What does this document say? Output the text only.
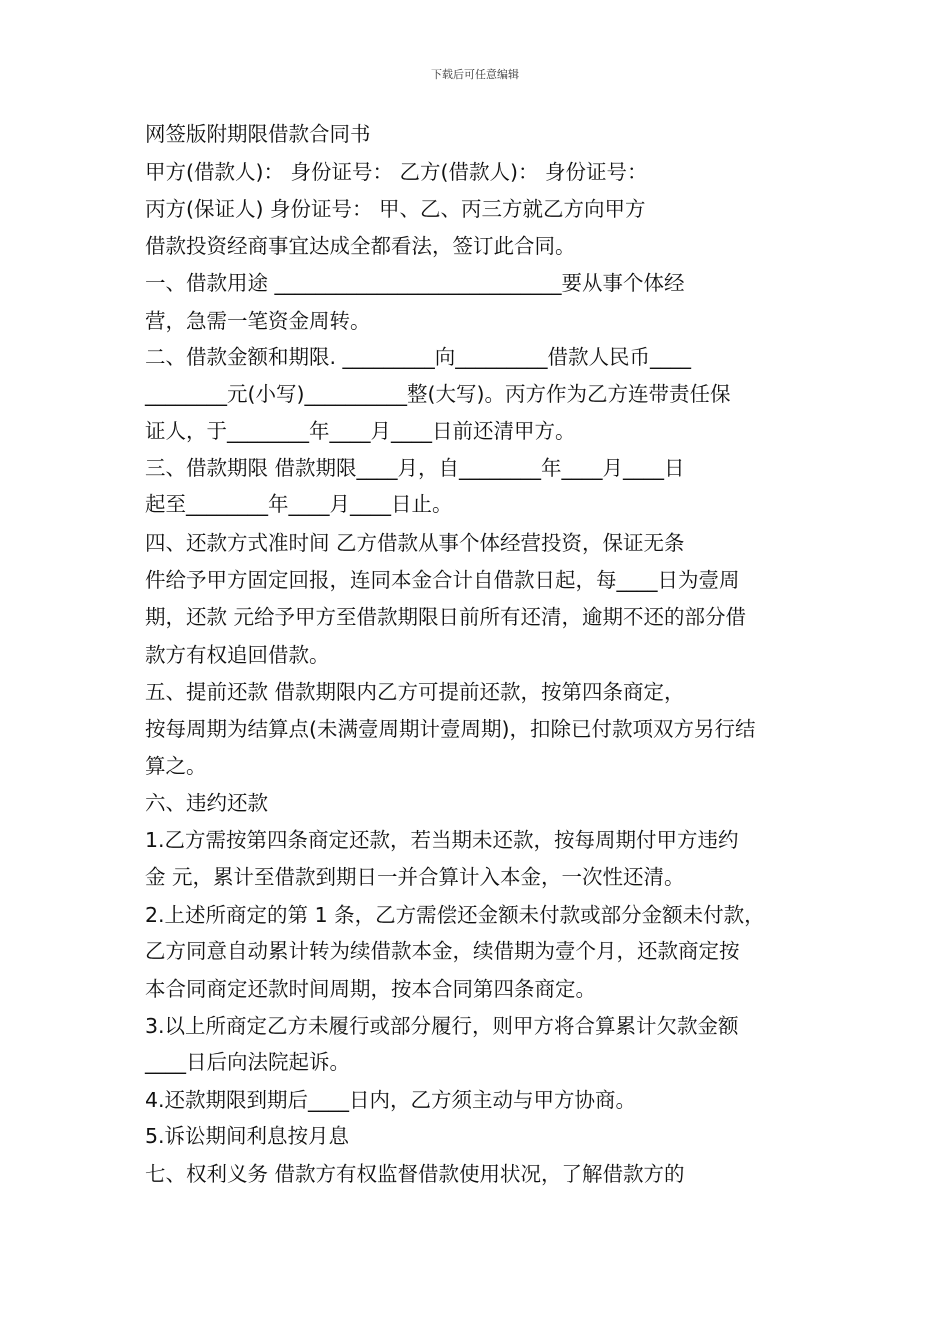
下载后可任意编辑
网签版附期限借款合同书
甲方(借款人)： 身份证号： 乙方(借款人)： 身份证号：
丙方(保证人) 身份证号： 甲、乙、丙三方就乙方向甲方
借款投资经商事宜达成全都看法，签订此合同。
一、借款用途 ____________________________要从事个体经
营，急需一笔资金周转。
二、借款金额和期限. _________向_________借款人民币____
________元(小写)__________整(大写)。丙方作为乙方连带责任保
证人，于________年____月____日前还清甲方。
三、借款期限 借款期限____月，自________年____月____日
起至________年____月____日止。
四、还款方式准时间 乙方借款从事个体经营投资，保证无条
件给予甲方固定回报，连同本金合计自借款日起，每____日为壹周
期，还款 元给予甲方至借款期限日前所有还清，逾期不还的部分借
款方有权追回借款。
五、提前还款 借款期限内乙方可提前还款，按第四条商定，
按每周期为结算点(未满壹周期计壹周期)，扣除已付款项双方另行结
算之。
六、违约还款
1.乙方需按第四条商定还款，若当期未还款，按每周期付甲方违约
金 元，累计至借款到期日一并合算计入本金，一次性还清。
2.上述所商定的第 1 条，乙方需偿还金额未付款或部分金额未付款，
乙方同意自动累计转为续借款本金，续借期为壹个月，还款商定按
本合同商定还款时间周期，按本合同第四条商定。
3.以上所商定乙方未履行或部分履行，则甲方将合算累计欠款金额
____日后向法院起诉。
4.还款期限到期后____日内，乙方须主动与甲方协商。
5.诉讼期间利息按月息
七、权利义务 借款方有权监督借款使用状况，了解借款方的
